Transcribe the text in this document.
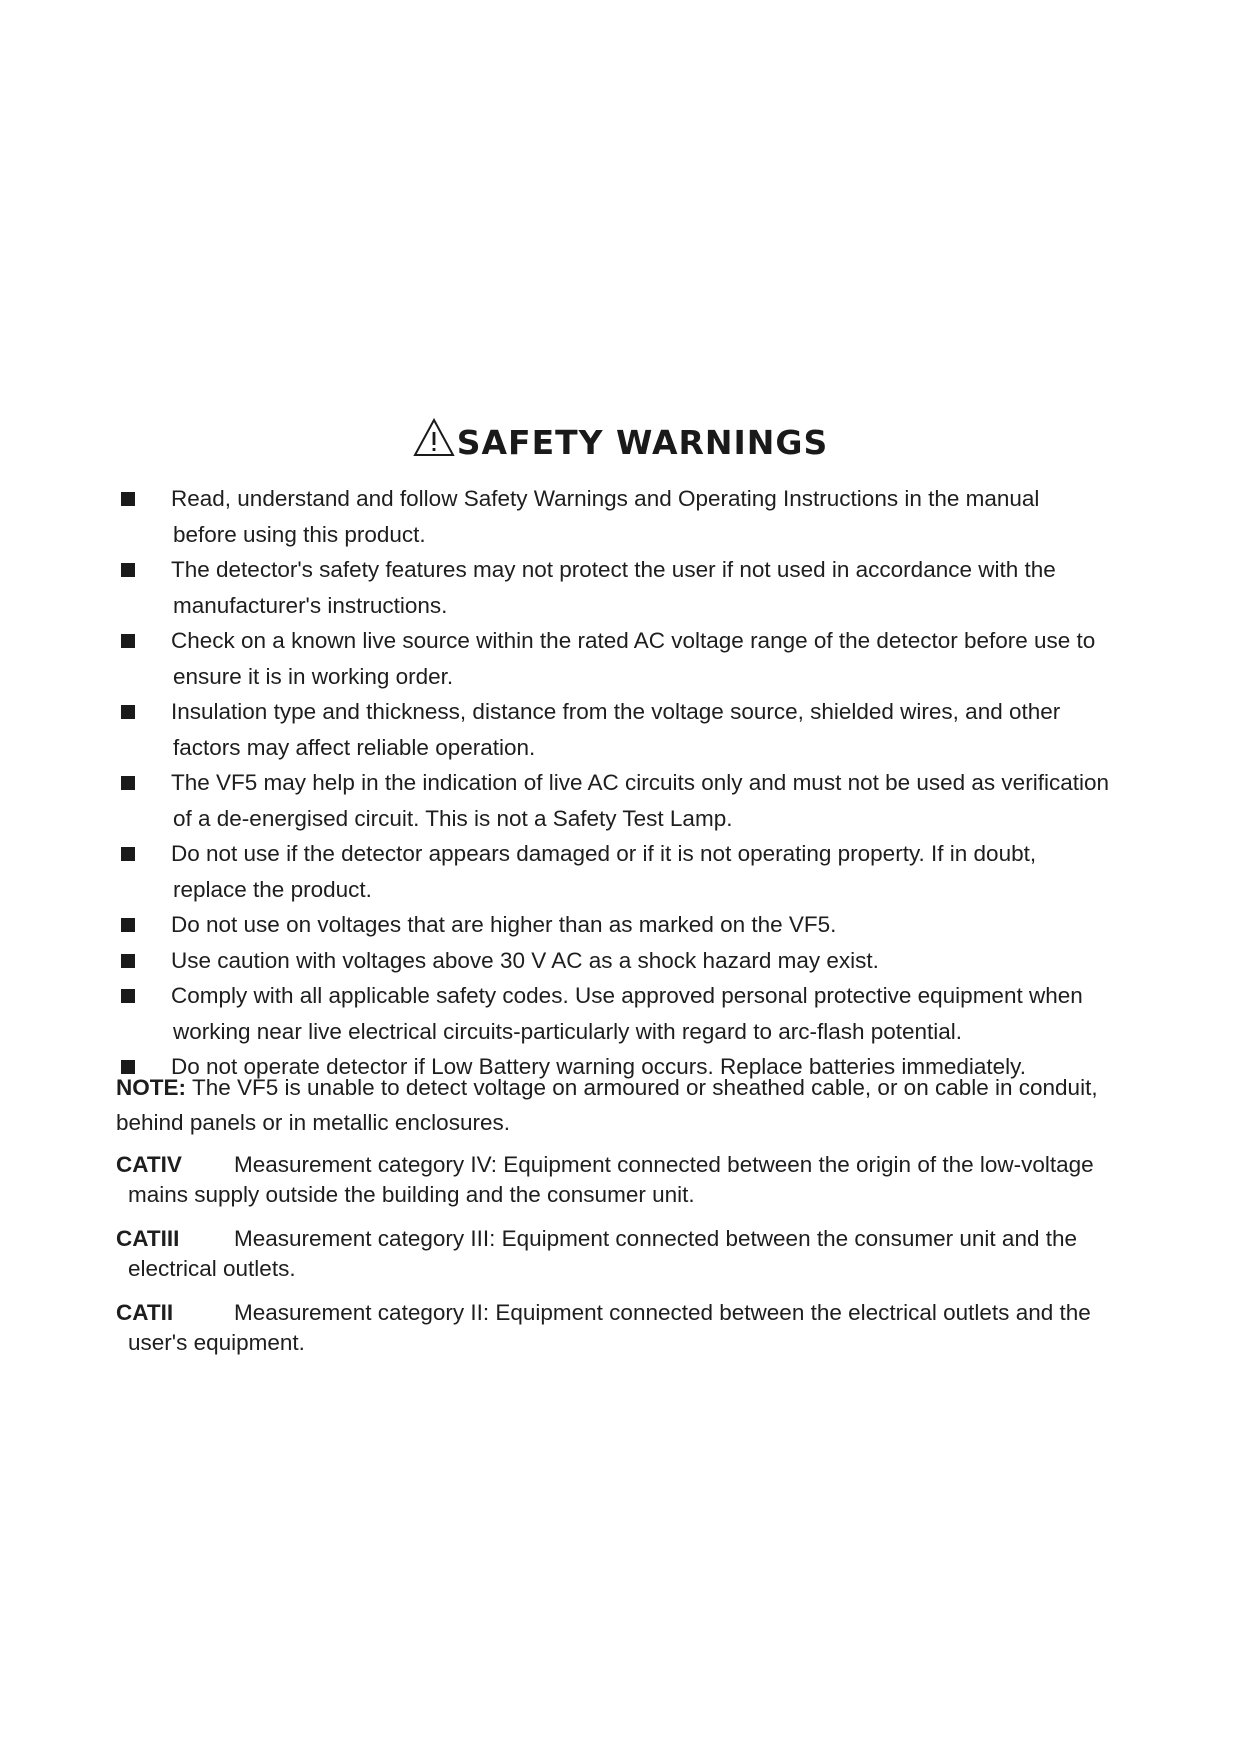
SAFETY WARNINGS
Read, understand and follow Safety Warnings and Operating Instructions in the manual
before using this product.
The detector's safety features may not protect the user if not used in accordance with the
manufacturer's instructions.
Check on a known live source within the rated AC voltage range of the detector before use to
ensure it is in working order.
Insulation type and thickness, distance from the voltage source, shielded wires, and other
factors may affect reliable operation.
The VF5 may help in the indication of live AC circuits only and must not be used as verification
of a de-energised circuit. This is not a Safety Test Lamp.
Do not use if the detector appears damaged or if it is not operating property. If in doubt,
replace the product.
Do not use on voltages that are higher than as marked on the VF5.
Use caution with voltages above 30 V AC as a shock hazard may exist.
Comply with all applicable safety codes. Use approved personal protective equipment when
working near live electrical circuits-particularly with regard to arc-flash potential.
Do not operate detector if Low Battery warning occurs. Replace batteries immediately.
NOTE: The VF5 is unable to detect voltage on armoured or sheathed cable, or on cable in conduit,
behind panels or in metallic enclosures.
CATIV Measurement category IV: Equipment connected between the origin of the low-voltage
mains supply outside the building and the consumer unit.
CATIII Measurement category III: Equipment connected between the consumer unit and the
electrical outlets.
CATII	Measurement category II: Equipment connected between the electrical outlets and the
user's equipment.
